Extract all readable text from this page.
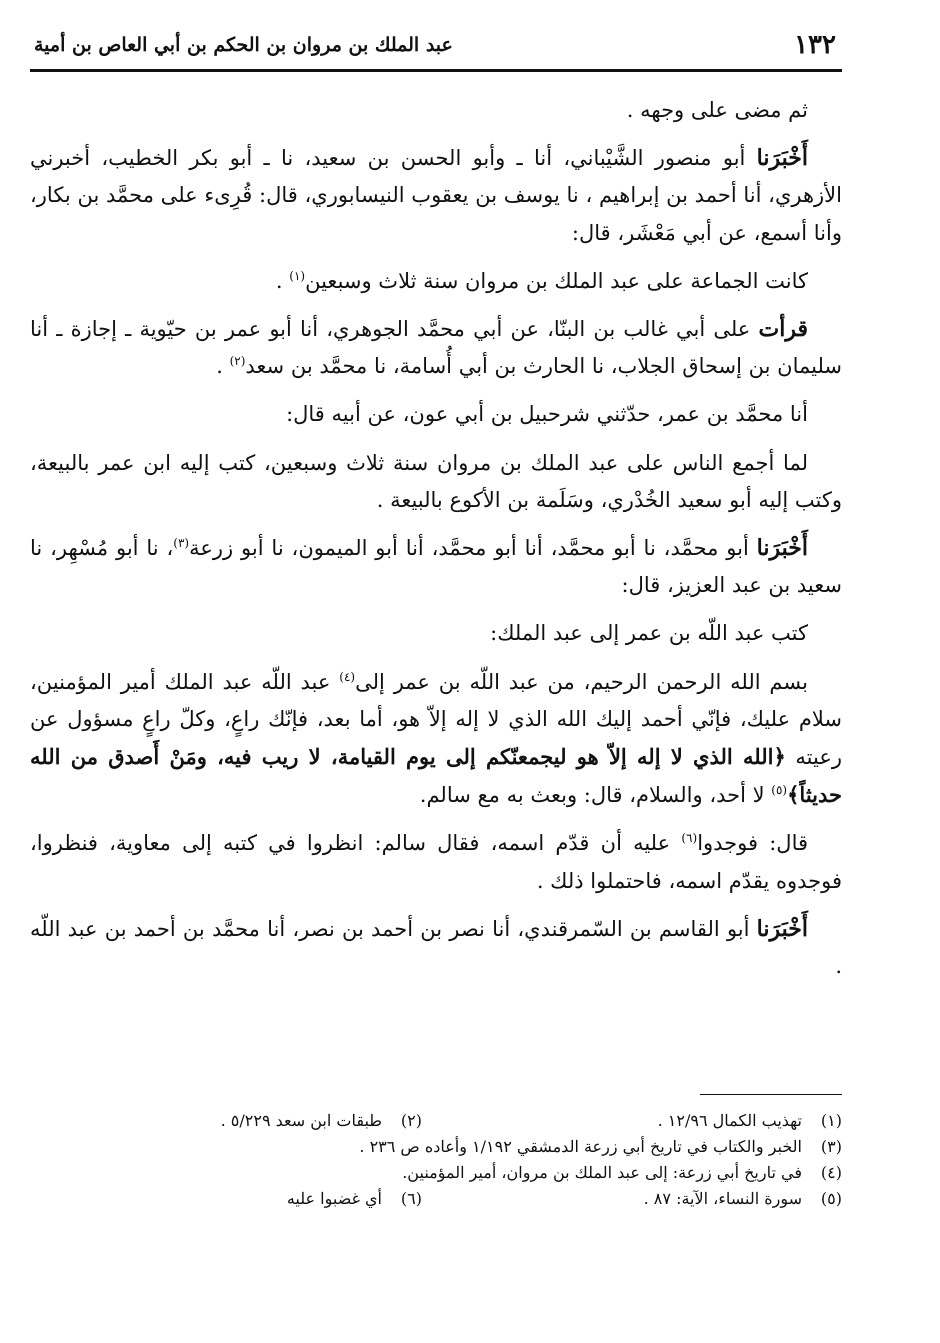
١٣٢
عبد الملك بن مروان بن الحكم بن أبي العاص بن أمية

ثم مضى على وجهه .

أَخْبَرَنا أبو منصور الشَّيْباني، أنا ـ وأبو الحسن بن سعيد، نا ـ أبو بكر الخطيب، أخبرني الأزهري، أنا أحمد بن إبراهيم ، نا يوسف بن يعقوب النيسابوري، قال: قُرِىء على محمَّد بن بكار، وأنا أسمع، عن أبي مَعْشَر، قال:

كانت الجماعة على عبد الملك بن مروان سنة ثلاث وسبعين$^{(١)}$ .

قرأت على أبي غالب بن البنّا، عن أبي محمَّد الجوهري، أنا أبو عمر بن حيّوية ـ إجازة ـ أنا سليمان بن إسحاق الجلاب، نا الحارث بن أبي أُسامة، نا محمَّد بن سعد$^{(٢)}$ .

أنا محمَّد بن عمر، حدّثني شرحبيل بن أبي عون، عن أبيه قال:

لما أجمع الناس على عبد الملك بن مروان سنة ثلاث وسبعين، كتب إليه ابن عمر بالبيعة، وكتب إليه أبو سعيد الخُدْري، وسَلَمة بن الأكوع بالبيعة .

أَخْبَرَنا أبو محمَّد، نا أبو محمَّد، أنا أبو محمَّد، أنا أبو الميمون، نا أبو زرعة$^{(٣)}$، نا أبو مُسْهِر، نا سعيد بن عبد العزيز، قال:

كتب عبد اللّه بن عمر إلى عبد الملك:

بسم الله الرحمن الرحيم، من عبد اللّه بن عمر إلى$^{(٤)}$ عبد اللّه عبد الملك أمير المؤمنين، سلام عليك، فإنّي أحمد إليك الله الذي لا إله إلاّ هو، أما بعد، فإنّك راعٍ، وكلّ راعٍ مسؤول عن رعيته ﴿الله الذي لا إله إلاّ هو ليجمعنّكم إلى يوم القيامة، لا ريب فيه، ومَنْ أَصدق من الله حديثاً﴾$^{(٥)}$ لا أحد، والسلام، قال: وبعث به مع سالم.

قال: فوجدوا$^{(٦)}$ عليه أن قدّم اسمه، فقال سالم: انظروا في كتبه إلى معاوية، فنظروا، فوجدوه يقدّم اسمه، فاحتملوا ذلك .

أَخْبَرَنا أبو القاسم بن السّمرقندي، أنا نصر بن أحمد بن نصر، أنا محمَّد بن أحمد بن عبد اللّه .

(١)
تهذيب الكمال ١٢/٩٦ .
(٢)
طبقات ابن سعد ٥/٢٢٩ .
(٣)
الخبر والكتاب في تاريخ أبي زرعة الدمشقي ١/١٩٢ وأعاده ص ٢٣٦ .
(٤)
في تاريخ أبي زرعة: إلى عبد الملك بن مروان، أمير المؤمنين.
(٥)
سورة النساء، الآية: ٨٧ .
(٦)
أي غضبوا عليه
